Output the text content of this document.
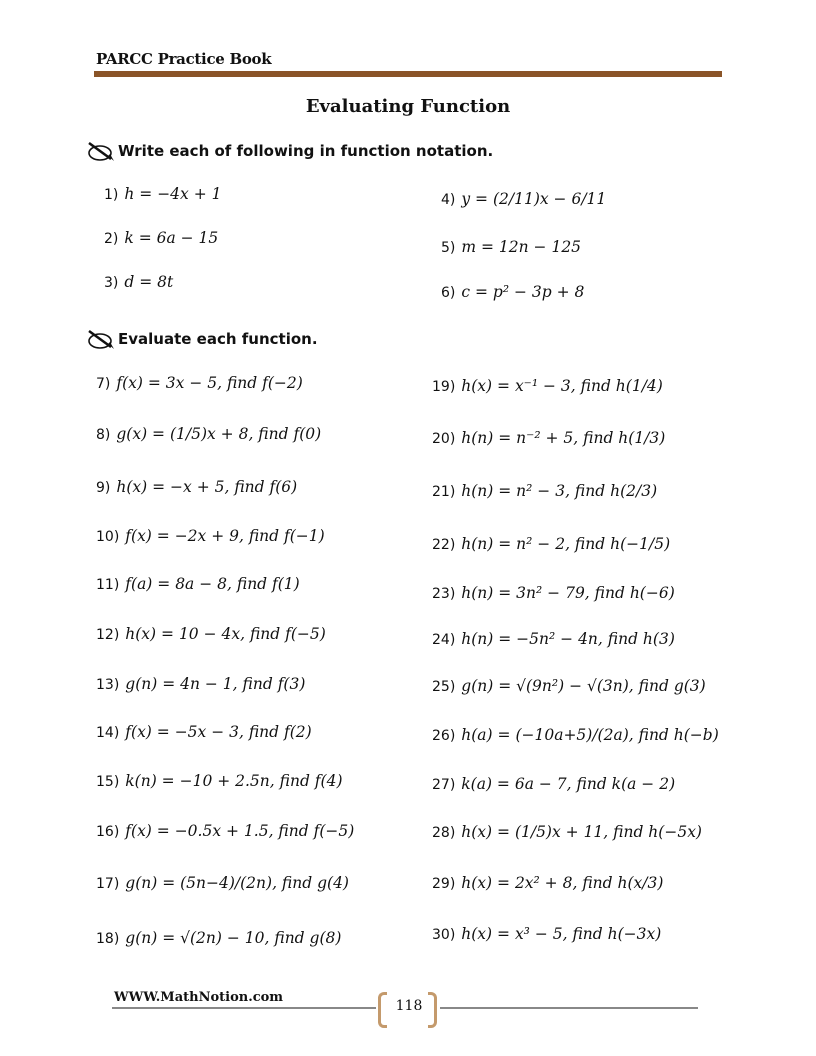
PARCC Practice Book
Evaluating Function
Write each of following in function notation.
1) h = −4x + 1
2) k = 6a − 15
3) d = 8t
4) y = (2/11)x − 6/11
5) m = 12n − 125
6) c = p² − 3p + 8
Evaluate each function.
7) f(x) = 3x − 5, find f(−2)
8) g(x) = (1/5)x + 8, find f(0)
9) h(x) = −x + 5, find f(6)
10) f(x) = −2x + 9, find f(−1)
11) f(a) = 8a − 8, find f(1)
12) h(x) = 10 − 4x, find f(−5)
13) g(n) = 4n − 1, find f(3)
14) f(x) = −5x − 3, find f(2)
15) k(n) = −10 + 2.5n, find f(4)
16) f(x) = −0.5x + 1.5, find f(−5)
17) g(n) = (5n−4)/(2n), find g(4)
18) g(n) = √(2n) − 10, find g(8)
19) h(x) = x⁻¹ − 3, find h(1/4)
20) h(n) = n⁻² + 5, find h(1/3)
21) h(n) = n² − 3, find h(2/3)
22) h(n) = n² − 2, find h(−1/5)
23) h(n) = 3n² − 79, find h(−6)
24) h(n) = −5n² − 4n, find h(3)
25) g(n) = √(9n²) − √(3n), find g(3)
26) h(a) = (−10a+5)/(2a), find h(−b)
27) k(a) = 6a − 7, find k(a − 2)
28) h(x) = (1/5)x + 11, find h(−5x)
29) h(x) = 2x² + 8, find h(x/3)
30) h(x) = x³ − 5, find h(−3x)
WWW.MathNotion.com
118
